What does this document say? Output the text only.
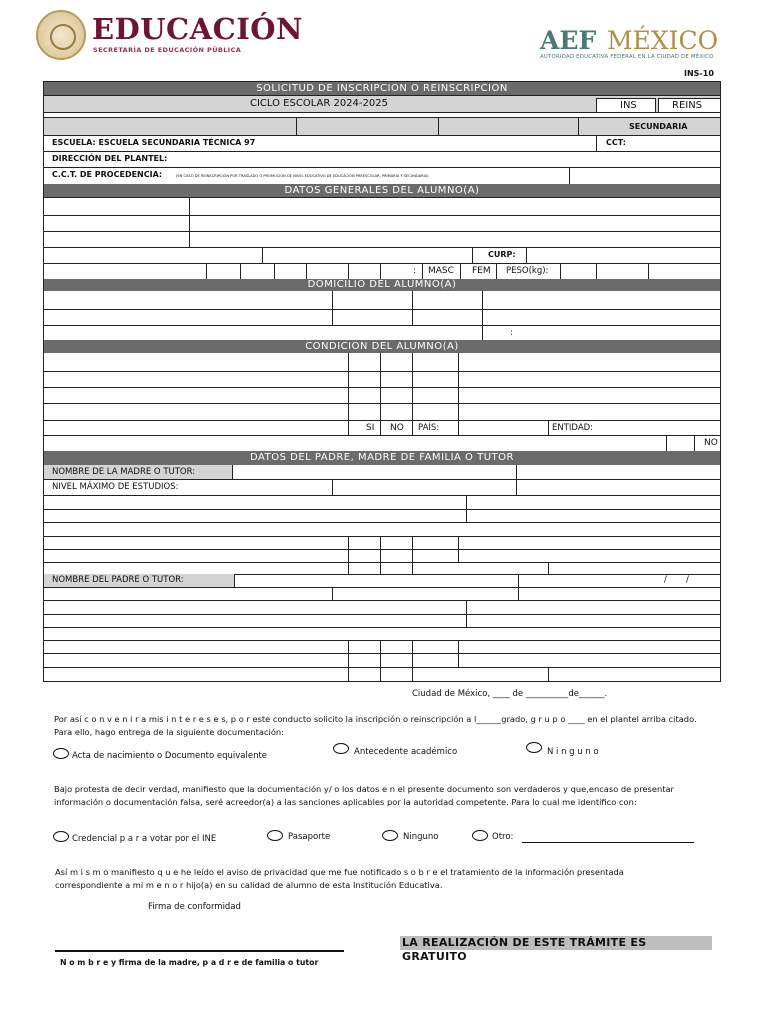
EDUCACIÓN
SECRETARÍA DE EDUCACIÓN PÚBLICA	AEF MÉXICO
AUTORIDAD EDUCATIVA FEDERAL EN LA CIUDAD DE MÉXICO
INS-10
SOLICITUD DE INSCRIPCION O REINSCRIPCION
CICLO ESCOLAR 2024-2025	INS	REINS
SECUNDARIA
ESCUELA: ESCUELA SECUNDARIA TÉCNICA 97	CCT:
DIRECCIÓN DEL PLANTEL:
C.C.T. DE PROCEDENCIA:	(EN CASO DE REINSCRIPCIÓN POR TRASLADO O PROMOCIÓN DE NIVEL EDUCATIVO DE EDUCACIÓN PREESCOLAR, PRIMARIA Y SECUNDARIA)
DATOS GENERALES DEL ALUMNO(A)
CURP:
: MASC FEM PESO(kg):
DOMICILIO DEL ALUMNO(A)
:
CONDICION DEL ALUMNO(A)
SI NO PAÍS:	ENTIDAD:
NO
DATOS DEL PADRE, MADRE DE FAMILIA O TUTOR
NOMBRE DE LA MADRE O TUTOR:
NIVEL MÁXIMO DE ESTUDIOS:
NOMBRE DEL PADRE O TUTOR:	/ /
Ciudad de México, ____ de __________de______.
Por así c o n v e n i r a mis i n t e r e s e s, p o r este conducto solicito la inscripción o reinscripción a l______grado, g r u p o ____ en el plantel arriba citado. Para ello, hago entrega de la siguiente documentación:
Acta de nacimiento o Documento equivalente	Antecedente académico	N i n g u n o
Bajo protesta de decir verdad, manifiesto que la documentación y/ o los datos e n el presente documento son verdaderos y que,encaso de presentar información o documentación falsa, seré acreedor(a) a las sanciones aplicables por la autoridad competente. Para lo cual me identifico con:
Credencial p a r a votar por el INE	Pasaporte	Ninguno	Otro:
Así m i s m o manifiesto q u e he leído el aviso de privacidad que me fue notificado s o b r e el tratamiento de la información presentada correspondiente a mi m e n o r hijo(a) en su calidad de alumno de esta Institución Educativa.
Firma de conformidad
N o m b r e y firma de la madre, p a d r e de familia o tutor
LA REALIZACIÓN DE ESTE TRÁMITE ES GRATUITO
